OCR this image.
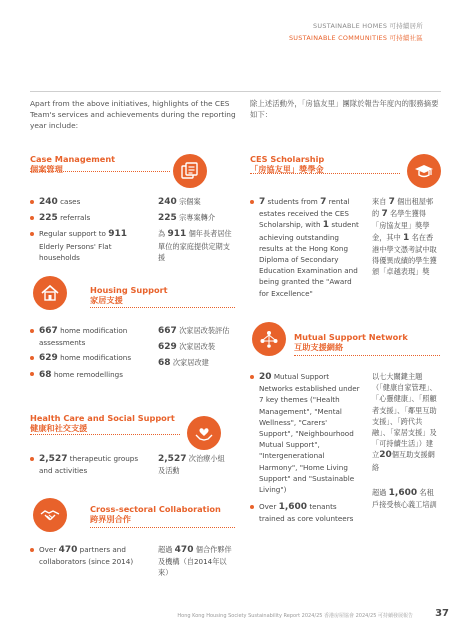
SUSTAINABLE HOMES 可持續居所
SUSTAINABLE COMMUNITIES 可持續社區
Apart from the above initiatives, highlights of the CES Team's services and achievements during the reporting year include:
除上述活動外，「房協友里」團隊於報告年度內的服務摘要如下：
Case Management
個案管理
240 cases
225 referrals
Regular support to 911 Elderly Persons' Flat households
240 宗個案
225 宗專案轉介
為 911 個年長者居住單位的家庭提供定期支援
Housing Support
家居支援
667 home modification assessments
629 home modifications
68 home remodellings
667 次家居改裝評估
629 次家居改裝
68 次家居改建
Health Care and Social Support
健康和社交支援
2,527 therapeutic groups and activities
2,527 次治療小組及活動
Cross-sectoral Collaboration
跨界別合作
Over 470 partners and collaborators (since 2014)
超過 470 個合作夥伴及機構（自2014年以來）
CES Scholarship
「房協友里」獎學金
7 students from 7 rental estates received the CES Scholarship, with 1 student achieving outstanding results at the Hong Kong Diploma of Secondary Education Examination and being granted the "Award for Excellence"
來自 7 個出租屋邨的 7 名學生獲得「房協友里」獎學金，其中 1 名在香港中學文憑考試中取得優異成績的學生獲頒「卓越表現」獎
Mutual Support Network
互助支援網絡
20 Mutual Support Networks established under 7 key themes ("Health Management", "Mental Wellness", "Carers' Support", "Neighbourhood Mutual Support", "Intergenerational Harmony", "Home Living Support" and "Sustainable Living")
Over 1,600 tenants trained as core volunteers
以七大關鍵主題（「健康自家管理」、「心靈健康」、「照顧者支援」、「鄰里互助支援」、「跨代共融」、「家居支援」及「可持續生活」）建立20個互助支援網絡
超過 1,600 名租戶接受核心義工培訓
Hong Kong Housing Society Sustainability Report 2024/25 香港房屋協會 2024/25 可持續發展報告 37
